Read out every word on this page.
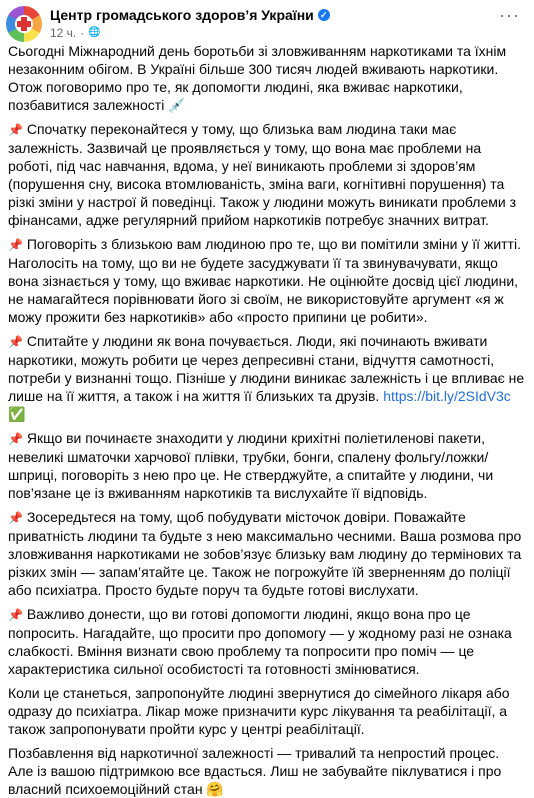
Центр громадського здоров’я України ✓
12 ч. · 🌐
···

Сьогодні Міжнародний день боротьби зі зловживанням наркотиками та їхнім незаконним обігом. В Україні більше 300 тисяч людей вживають наркотики. Отож поговоримо про те, як допомогти людині, яка вживає наркотики, позбавитися залежності 💉

📌 Спочатку переконайтеся у тому, що близька вам людина таки має залежність. Зазвичай це проявляється у тому, що вона має проблеми на роботі, під час навчання, вдома, у неї виникають проблеми зі здоров’ям (порушення сну, висока втомлюваність, зміна ваги, когнітивні порушення) та різкі зміни у настрої й поведінці. Також у людини можуть виникати проблеми з фінансами, адже регулярний прийом наркотиків потребує значних витрат.

📌 Поговоріть з близькою вам людиною про те, що ви помітили зміни у її житті. Наголосіть на тому, що ви не будете засуджувати її та звинувачувати, якщо вона зізнається у тому, що вживає наркотики. Не оцінюйте досвід цієї людини, не намагайтеся порівнювати його зі своїм, не використовуйте аргумент «я ж можу прожити без наркотиків» або «просто припини це робити».

📌 Спитайте у людини як вона почувається. Люди, які починають вживати наркотики, можуть робити це через депресивні стани, відчуття самотності, потреби у визнанні тощо. Пізніше у людини виникає залежність і це впливає не лише на її життя, а також і на життя її близьких та друзів. https://bit.ly/2SIdV3c ✅

📌 Якщо ви починаєте знаходити у людини крихітні поліетиленові пакети, невеликі шматочки харчової плівки, трубки, бонги, спалену фольгу/ложки/шприці, поговоріть з нею про це. Не стверджуйте, а спитайте у людини, чи пов’язане це із вживанням наркотиків та вислухайте її відповідь.

📌 Зосередьтеся на тому, щоб побудувати місточок довіри. Поважайте приватність людини та будьте з нею максимально чесними. Ваша розмова про зловживання наркотиками не зобов’язує близьку вам людину до термінових та різких змін — запам’ятайте це. Також не погрожуйте їй зверненням до поліції або психіатра. Просто будьте поруч та будьте готові вислухати.

📌 Важливо донести, що ви готові допомогти людині, якщо вона про це попросить. Нагадайте, що просити про допомогу — у жодному разі не ознака слабкості. Вміння визнати свою проблему та попросити про поміч — це характеристика сильної особистості та готовності змінюватися.

Коли це станеться, запропонуйте людині звернутися до сімейного лікаря або одразу до психіатра. Лікар може призначити курс лікування та реабілітації, а також запропонувати пройти курс у центрі реабілітації.

Позбавлення від наркотичної залежності — тривалий та непростий процес. Але із вашою підтримкою все вдасться. Лиш не забувайте піклуватися і про власний психоемоційний стан 🤗
